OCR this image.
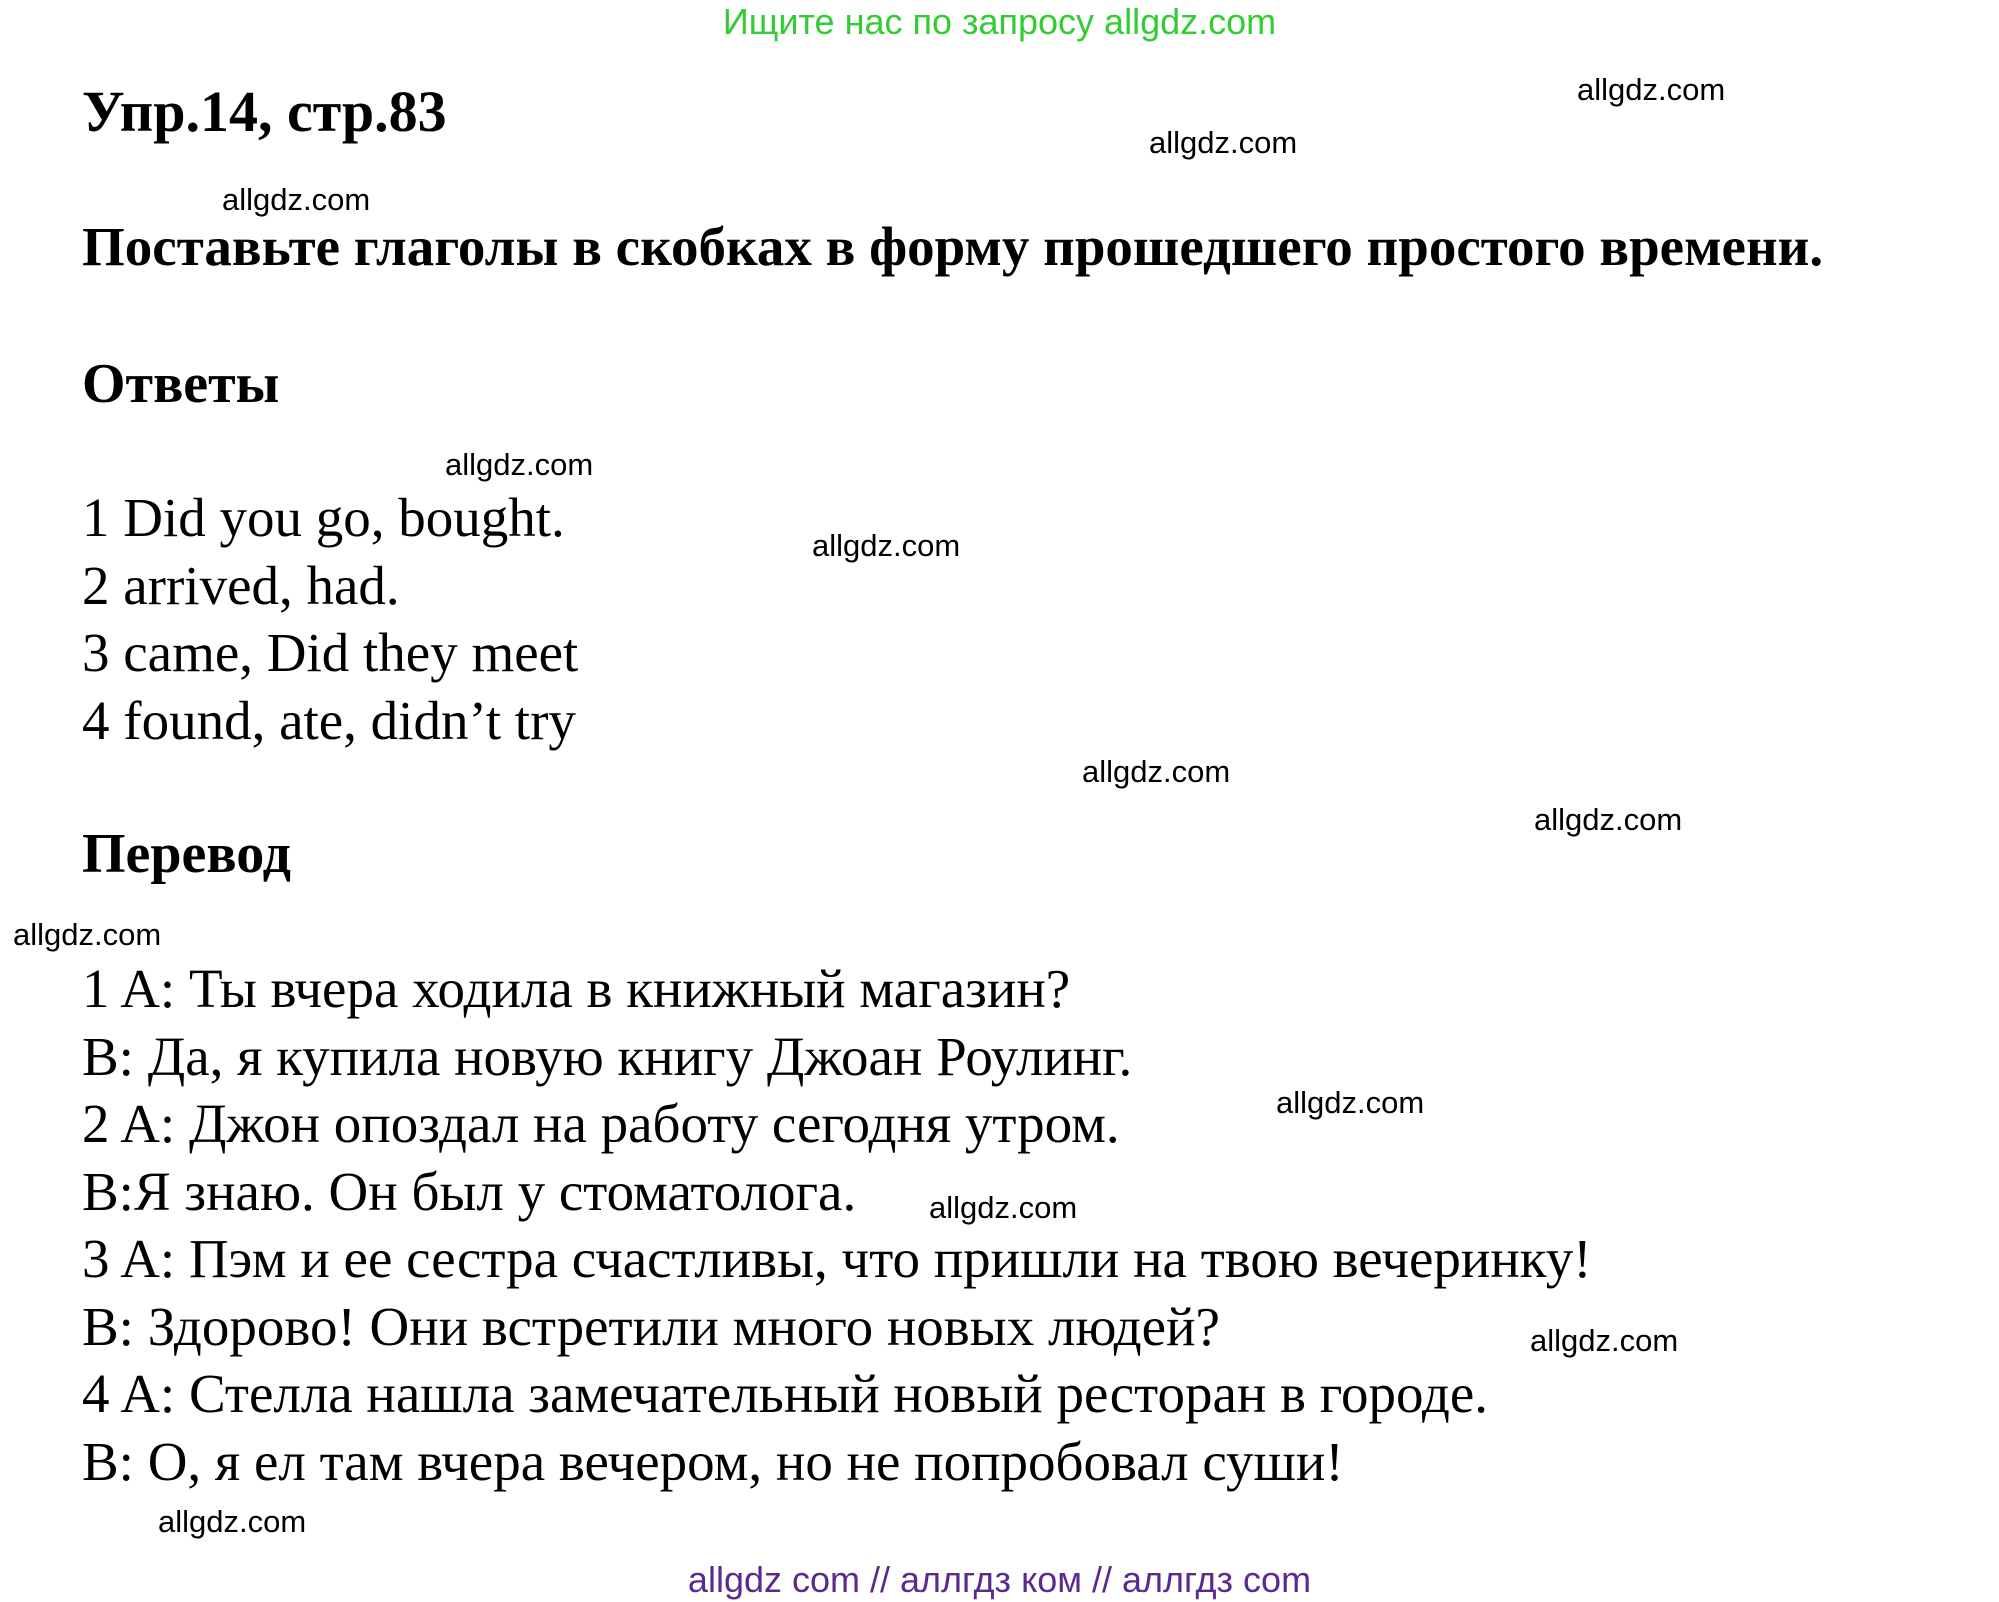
Ищите нас по запросу allgdz.com
Упр.14, стр.83
Поставьте глаголы в скобках в форму прошедшего простого времени.
Ответы
1 Did you go, bought.
2 arrived, had.
3 came, Did they meet
4 found, ate, didn’t try
Перевод
1 A: Ты вчера ходила в книжный магазин?
B: Да, я купила новую книгу Джоан Роулинг.
2 A: Джон опоздал на работу сегодня утром.
B:Я знаю. Он был у стоматолога.
3 A: Пэм и ее сестра счастливы, что пришли на твою вечеринку!
B: Здорово! Они встретили много новых людей?
4 A: Стелла нашла замечательный новый ресторан в городе.
B: О, я ел там вчера вечером, но не попробовал суши!
allgdz.com
allgdz.com
allgdz.com
allgdz.com
allgdz.com
allgdz.com
allgdz.com
allgdz.com
allgdz.com
allgdz.com
allgdz.com
allgdz.com
allgdz com // аллгдз ком // аллгдз com
